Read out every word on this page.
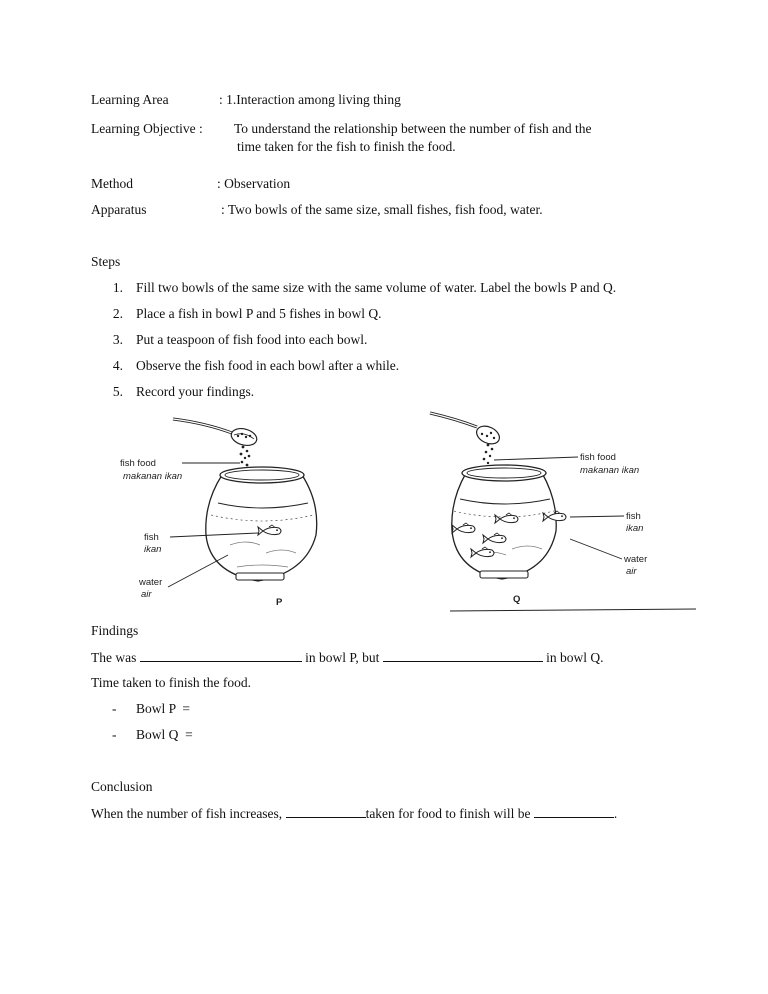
Learning Area	: 1.Interaction among living thing
Learning Objective : To understand the relationship between the number of fish and the
time taken for the fish to finish the food.
Method	: Observation
Apparatus	: Two bowls of the same size, small fishes, fish food, water.
Steps
1. Fill two bowls of the same size with the same volume of water. Label the bowls P and Q.
2. Place a fish in bowl P and 5 fishes in bowl Q.
3. Put a teaspoon of fish food into each bowl.
4. Observe the fish food in each bowl after a while.
5. Record your findings.
fish food
makanan ikan
fish
ikan
water
air
P
fish food
makanan ikan
fish
ikan
water
air
Q
Findings
The was	in bowl P, but	in bowl Q.
Time taken to finish the food.
- Bowl P  =
- Bowl Q  =
Conclusion
When the number of fish increases,	taken for food to finish will be	.
